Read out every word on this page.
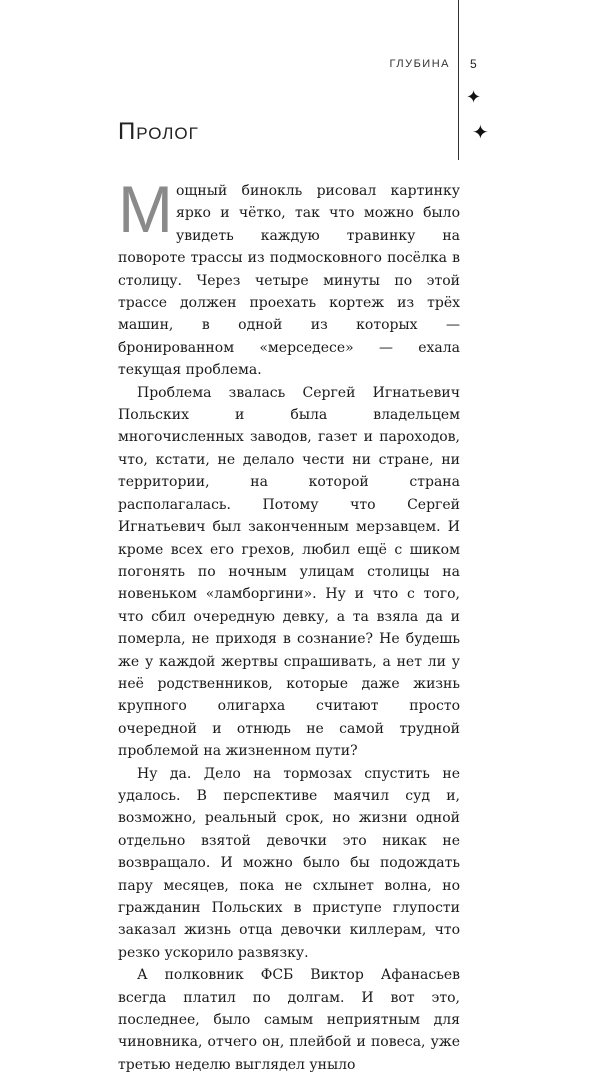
ГЛУБИНА 5
✦
✦
Пролог

Мощный бинокль рисовал картинку ярко и чётко, так что можно было увидеть каждую травинку на повороте трассы из подмосковного посёлка в столицу. Через четыре минуты по этой трассе должен проехать кортеж из трёх машин, в одной из которых — бронированном «мерседесе» — ехала текущая проблема.

Проблема звалась Сергей Игнатьевич Польских и была владельцем многочисленных заводов, газет и пароходов, что, кстати, не делало чести ни стране, ни территории, на которой страна располагалась. Потому что Сергей Игнатьевич был законченным мерзавцем. И кроме всех его грехов, любил ещё с шиком погонять по ночным улицам столицы на новеньком «ламборгини». Ну и что с того, что сбил очередную девку, а та взяла да и померла, не приходя в сознание? Не будешь же у каждой жертвы спрашивать, а нет ли у неё родственников, которые даже жизнь крупного олигарха считают просто очередной и отнюдь не самой трудной проблемой на жизненном пути?

Ну да. Дело на тормозах спустить не удалось. В перспективе маячил суд и, возможно, реальный срок, но жизни одной отдельно взятой девочки это никак не возвращало. И можно было бы подождать пару месяцев, пока не схлынет волна, но гражданин Польских в приступе глупости заказал жизнь отца девочки киллерам, что резко ускорило развязку.

А полковник ФСБ Виктор Афанасьев всегда платил по долгам. И вот это, последнее, было самым неприятным для чиновника, отчего он, плейбой и повеса, уже третью неделю выглядел уныло
